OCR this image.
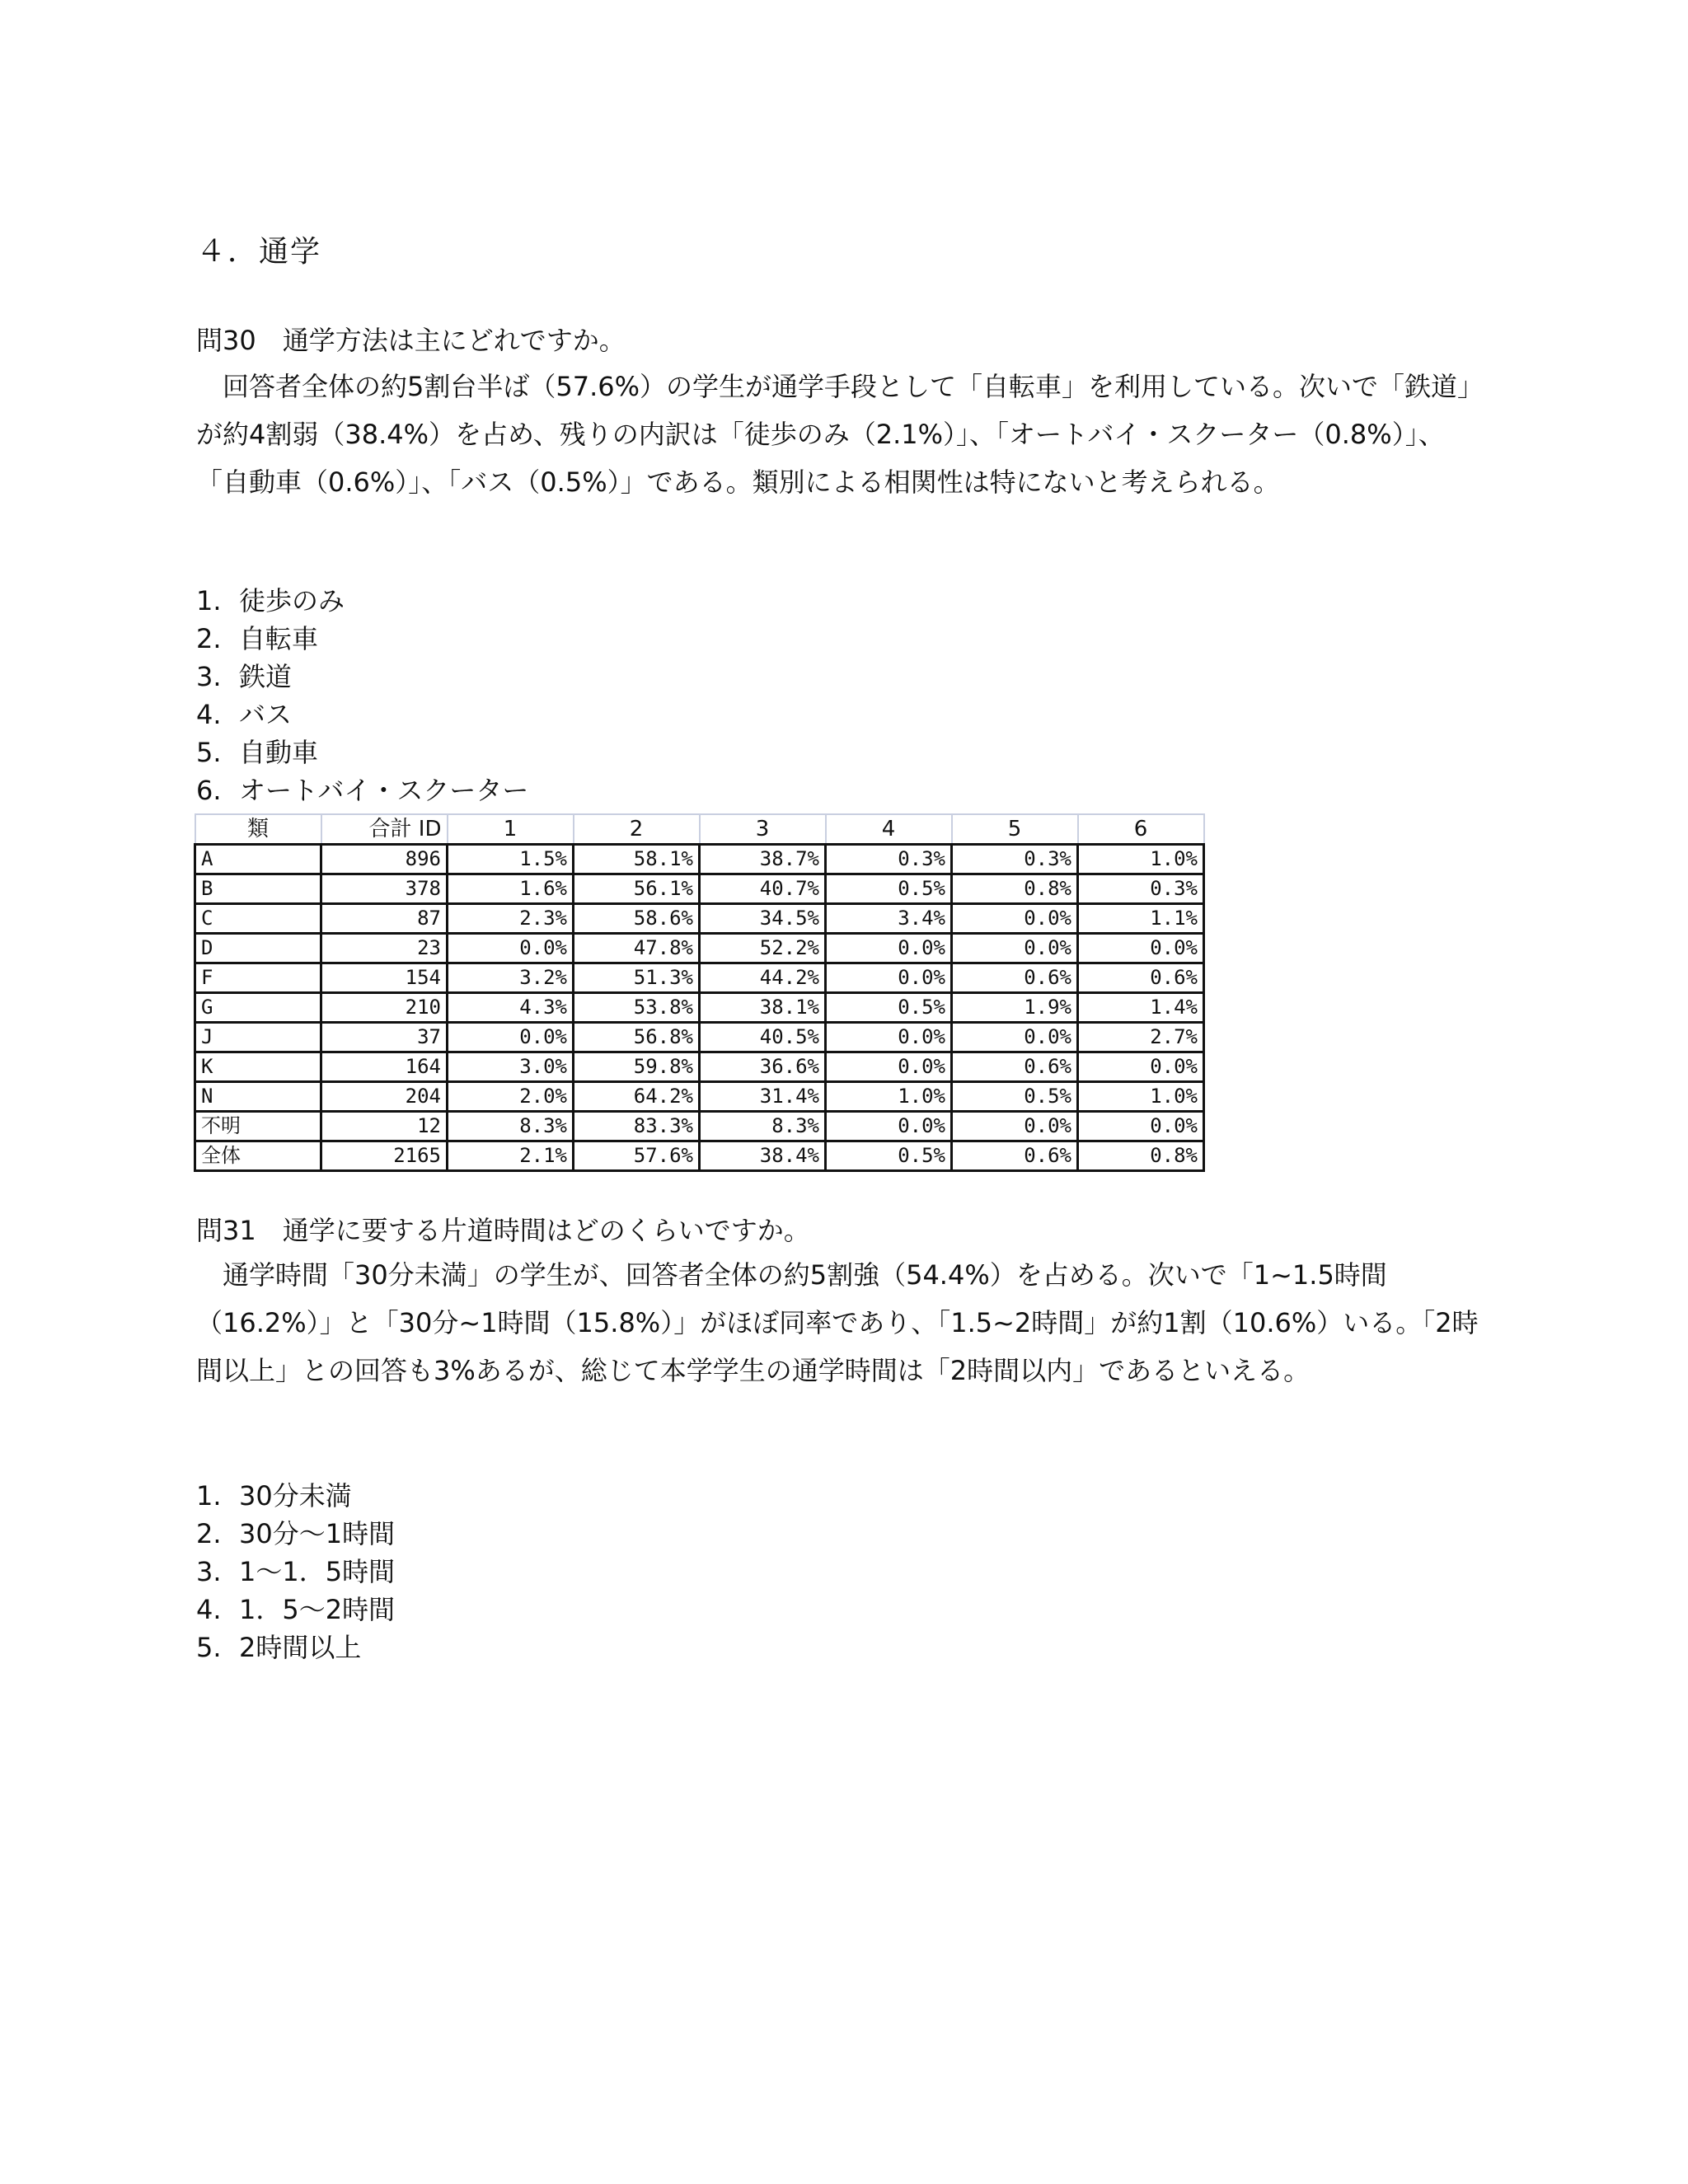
４．通学
問30　通学方法は主にどれですか。
　回答者全体の約5割台半ば（57.6%）の学生が通学手段として「自転車」を利用している。次いで「鉄道」が約4割弱（38.4%）を占め、残りの内訳は「徒歩のみ（2.1%）」、「オートバイ・スクーター（0.8%）」、「自動車（0.6%）」、「バス（0.5%）」である。類別による相関性は特にないと考えられる。
1. 徒歩のみ
2. 自転車
3. 鉄道
4. バス
5. 自動車
6. オートバイ・スクーター
類	合計 ID	1	2	3	4	5	6
A	896	1.5%	58.1%	38.7%	0.3%	0.3%	1.0%
B	378	1.6%	56.1%	40.7%	0.5%	0.8%	0.3%
C	87	2.3%	58.6%	34.5%	3.4%	0.0%	1.1%
D	23	0.0%	47.8%	52.2%	0.0%	0.0%	0.0%
F	154	3.2%	51.3%	44.2%	0.0%	0.6%	0.6%
G	210	4.3%	53.8%	38.1%	0.5%	1.9%	1.4%
J	37	0.0%	56.8%	40.5%	0.0%	0.0%	2.7%
K	164	3.0%	59.8%	36.6%	0.0%	0.6%	0.0%
N	204	2.0%	64.2%	31.4%	1.0%	0.5%	1.0%
不明	12	8.3%	83.3%	8.3%	0.0%	0.0%	0.0%
全体	2165	2.1%	57.6%	38.4%	0.5%	0.6%	0.8%
問31　通学に要する片道時間はどのくらいですか。
　通学時間「30分未満」の学生が、回答者全体の約5割強（54.4%）を占める。次いで「1~1.5時間（16.2%）」と「30分~1時間（15.8%）」がほぼ同率であり、「1.5~2時間」が約1割（10.6%）いる。「2時間以上」との回答も3%あるが、総じて本学学生の通学時間は「2時間以内」であるといえる。
1. 30分未満
2. 30分～1時間
3. 1～1．5時間
4. 1．5～2時間
5. 2時間以上
